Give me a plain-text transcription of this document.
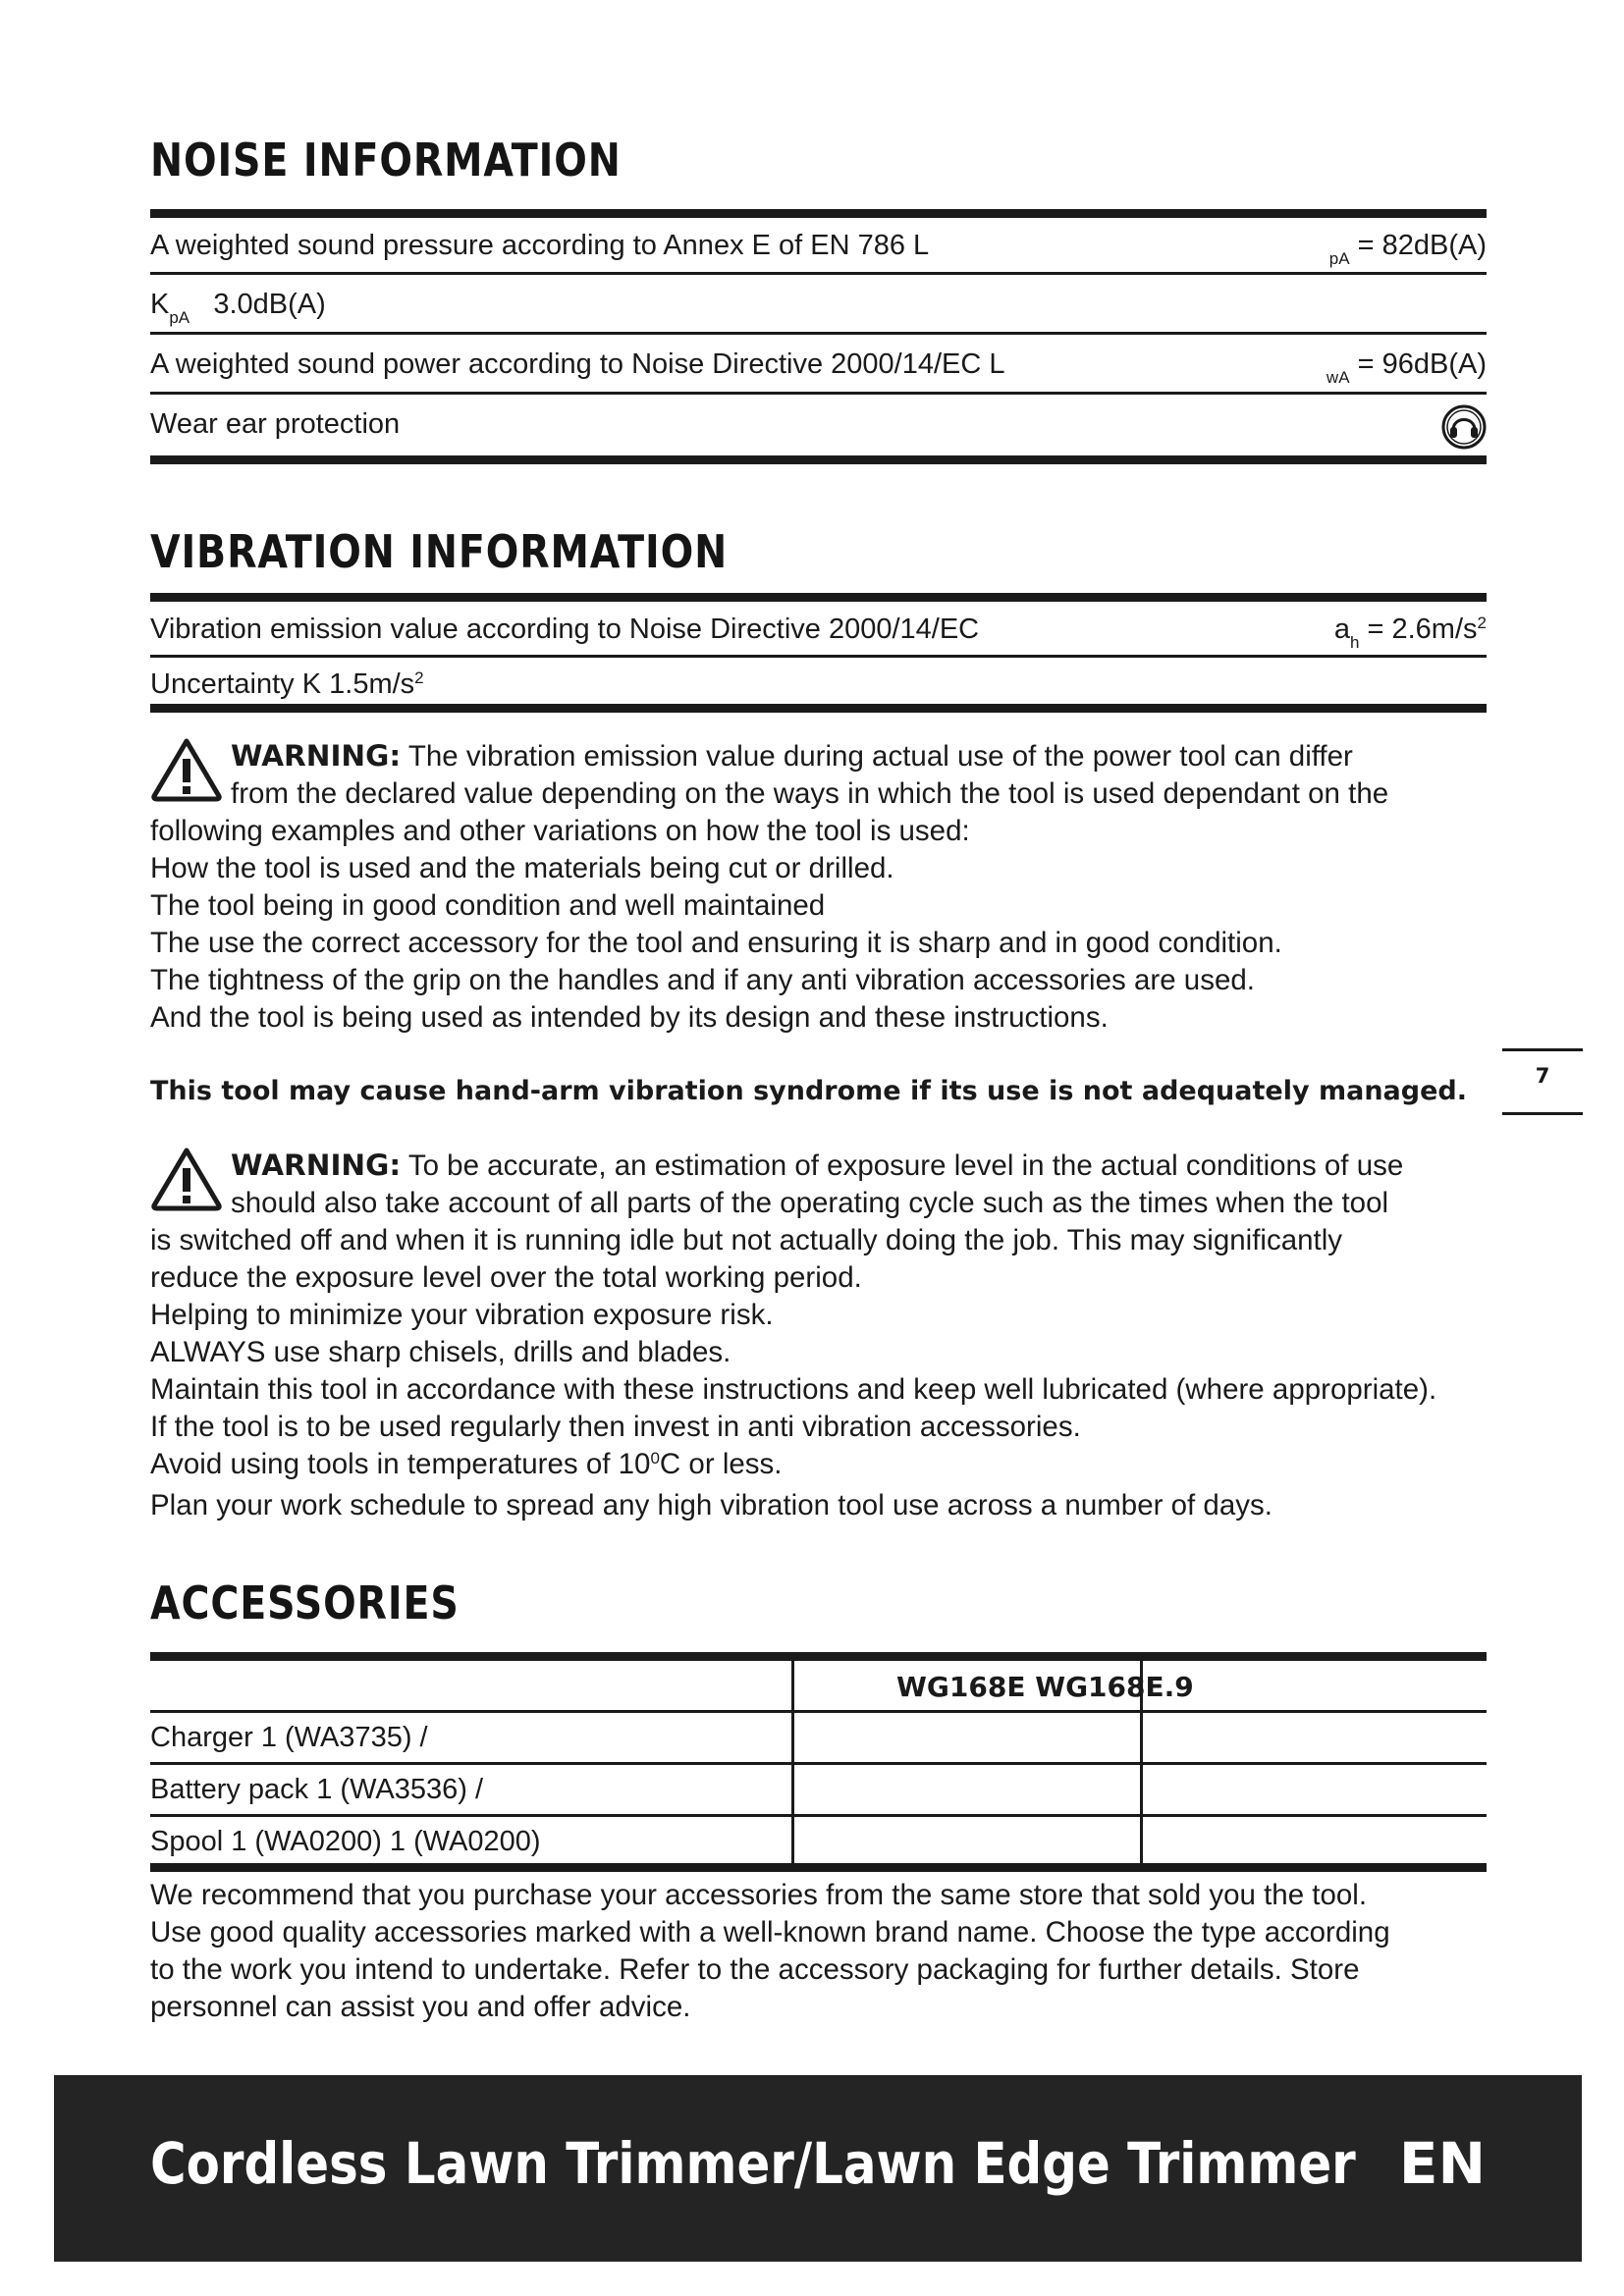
NOISE INFORMATION
A weighted sound pressure according to Annex E of EN 786 L	$_{pA}$ = 82dB(A)
$K_{pA}$ 3.0dB(A)
A weighted sound power according to Noise Directive 2000/14/EC L	$_{wA}$ = 96dB(A)
Wear ear protection
VIBRATION INFORMATION
Vibration emission value according to Noise Directive 2000/14/EC	$a_h = 2.6m/s^2$
Uncertainty K $1.5m/s^2$

WARNING: The vibration emission value during actual use of the power tool can differ

from the declared value depending on the ways in which the tool is used dependant on the

following examples and other variations on how the tool is used:

How the tool is used and the materials being cut or drilled.

The tool being in good condition and well maintained

The use the correct accessory for the tool and ensuring it is sharp and in good condition.

The tightness of the grip on the handles and if any anti vibration accessories are used.

And the tool is being used as intended by its design and these instructions.

This tool may cause hand-arm vibration syndrome if its use is not adequately managed.

WARNING: To be accurate, an estimation of exposure level in the actual conditions of use

should also take account of all parts of the operating cycle such as the times when the tool

is switched off and when it is running idle but not actually doing the job. This may significantly

reduce the exposure level over the total working period.

Helping to minimize your vibration exposure risk.

ALWAYS use sharp chisels, drills and blades.

Maintain this tool in accordance with these instructions and keep well lubricated (where appropriate).

If the tool is to be used regularly then invest in anti vibration accessories.

Avoid using tools in temperatures of $10^0C$ or less.

Plan your work schedule to spread any high vibration tool use across a number of days.

ACCESSORIES

	WG168E WG168E.9	

Charger 1 (WA3735) /		
Battery pack 1 (WA3536) /		
Spool 1 (WA0200) 1 (WA0200)		

We recommend that you purchase your accessories from the same store that sold you the tool.

Use good quality accessories marked with a well-known brand name. Choose the type according

to the work you intend to undertake. Refer to the accessory packaging for further details. Store

personnel can assist you and offer advice.

7
Cordless Lawn Trimmer/Lawn Edge Trimmer EN
